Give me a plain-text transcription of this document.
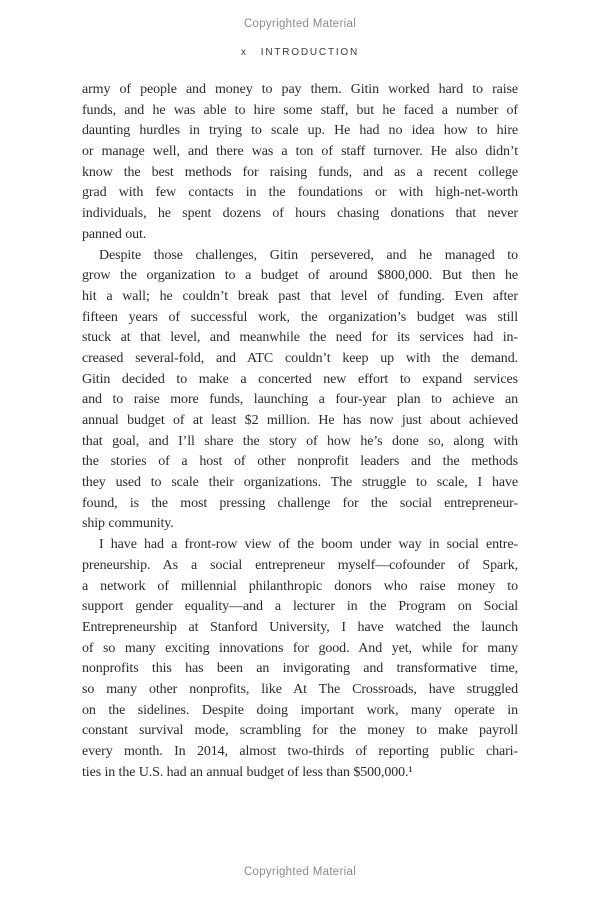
Copyrighted Material
x INTRODUCTION
army of people and money to pay them. Gitin worked hard to raise
funds, and he was able to hire some staff, but he faced a number of
daunting hurdles in trying to scale up. He had no idea how to hire
or manage well, and there was a ton of staff turnover. He also didn’t
know the best methods for raising funds, and as a recent college
grad with few contacts in the foundations or with high-net-worth
individuals, he spent dozens of hours chasing donations that never
panned out.
Despite those challenges, Gitin persevered, and he managed to
grow the organization to a budget of around $800,000. But then he
hit a wall; he couldn’t break past that level of funding. Even after
fifteen years of successful work, the organization’s budget was still
stuck at that level, and meanwhile the need for its services had in-
creased several-fold, and ATC couldn’t keep up with the demand.
Gitin decided to make a concerted new effort to expand services
and to raise more funds, launching a four-year plan to achieve an
annual budget of at least $2 million. He has now just about achieved
that goal, and I’ll share the story of how he’s done so, along with
the stories of a host of other nonprofit leaders and the methods
they used to scale their organizations. The struggle to scale, I have
found, is the most pressing challenge for the social entrepreneur-
ship community.
I have had a front-row view of the boom under way in social entre-
preneurship. As a social entrepreneur myself—cofounder of Spark,
a network of millennial philanthropic donors who raise money to
support gender equality—and a lecturer in the Program on Social
Entrepreneurship at Stanford University, I have watched the launch
of so many exciting innovations for good. And yet, while for many
nonprofits this has been an invigorating and transformative time,
so many other nonprofits, like At The Crossroads, have struggled
on the sidelines. Despite doing important work, many operate in
constant survival mode, scrambling for the money to make payroll
every month. In 2014, almost two-thirds of reporting public chari-
ties in the U.S. had an annual budget of less than $500,000.¹
Copyrighted Material
